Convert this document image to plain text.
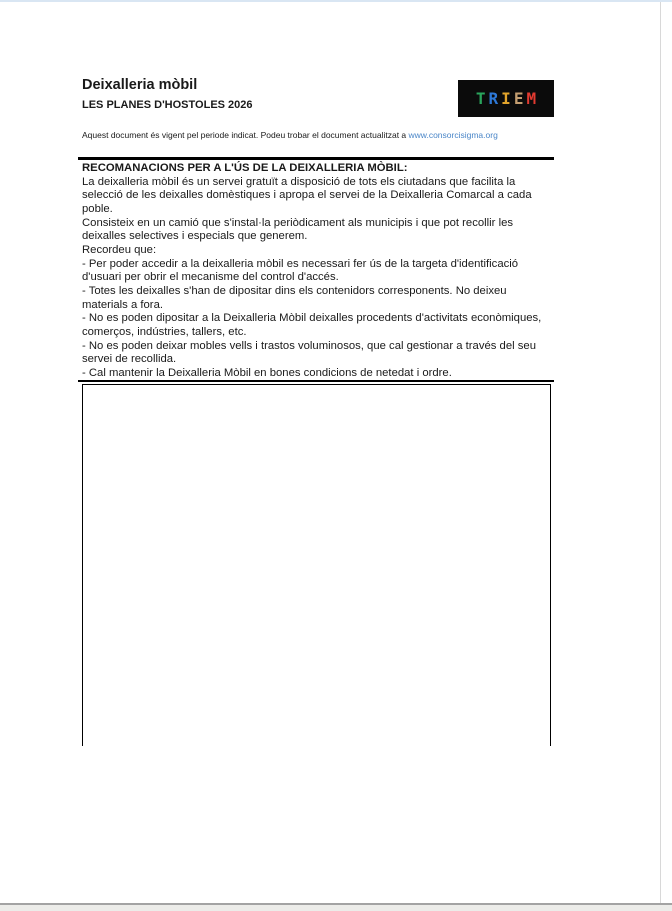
Deixalleria mòbil
LES PLANES D'HOSTOLES 2026	T R I E M

Aquest document és vigent pel periode indicat. Podeu trobar el document actualitzat a www.consorcisigma.org

RECOMANACIONS PER A L'ÚS DE LA DEIXALLERIA MÒBIL:

La deixalleria mòbil és un servei gratuït a disposició de tots els ciutadans que facilita la selecció de les deixalles domèstiques i apropa el servei de la Deixalleria Comarcal a cada poble.

Consisteix en un camió que s'instal·la periòdicament als municipis i que pot recollir les deixalles selectives i especials que generem.

Recordeu que:

- Per poder accedir a la deixalleria mòbil es necessari fer ús de la targeta d'identificació d'usuari per obrir el mecanisme del control d'accés.

- Totes les deixalles s'han de dipositar dins els contenidors corresponents. No deixeu materials a fora.

- No es poden dipositar a la Deixalleria Mòbil deixalles procedents d'activitats econòmiques, comerços, indústries, tallers, etc.

- No es poden deixar mobles vells i trastos voluminosos, que cal gestionar a través del seu servei de recollida.

- Cal mantenir la Deixalleria Mòbil en bones condicions de netedat i ordre.
